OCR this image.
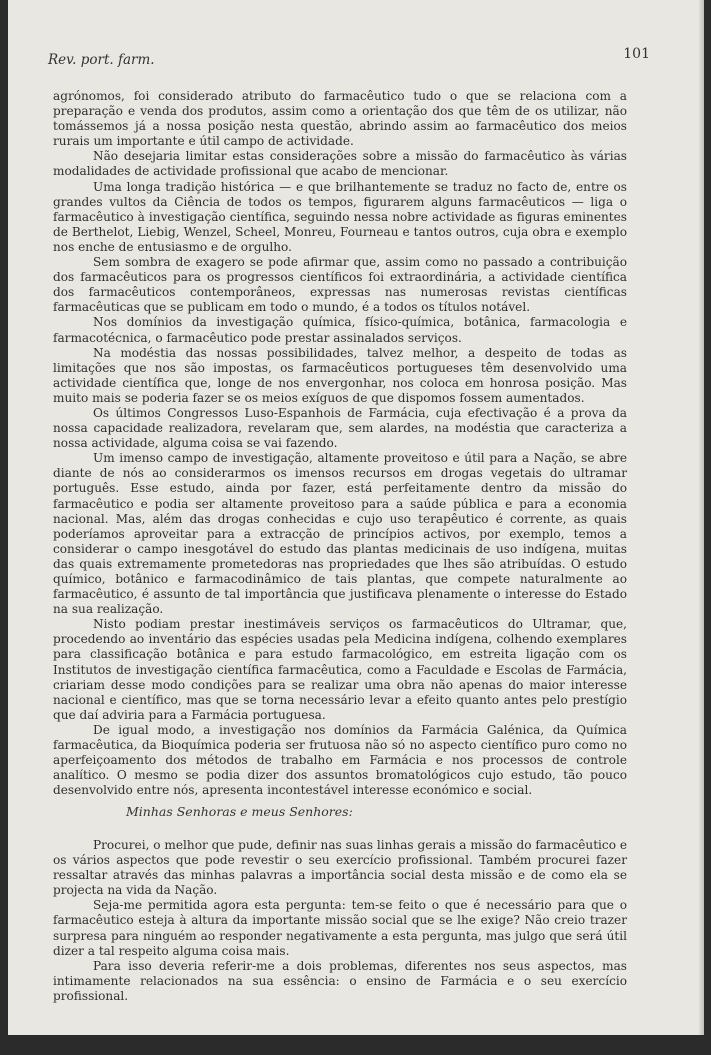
Rev. port. farm.	101

agrónomos, foi considerado atributo do farmacêutico tudo o que se relaciona com a preparação e venda dos produtos, assim como a orientação dos que têm de os utilizar, não tomássemos já a nossa posição nesta questão, abrindo assim ao farmacêutico dos meios rurais um importante e útil campo de actividade.

Não desejaria limitar estas considerações sobre a missão do farmacêutico às várias modalidades de actividade profissional que acabo de mencionar.

Uma longa tradição histórica — e que brilhantemente se traduz no facto de, entre os grandes vultos da Ciência de todos os tempos, figurarem alguns farmacêuticos — liga o farmacêutico à investigação científica, seguindo nessa nobre actividade as figuras eminentes de Berthelot, Liebig, Wenzel, Scheel, Monreu, Fourneau e tantos outros, cuja obra e exemplo nos enche de entusiasmo e de orgulho.

Sem sombra de exagero se pode afirmar que, assim como no passado a contribuição dos farmacêuticos para os progressos científicos foi extraordinária, a actividade científica dos farmacêuticos contemporâneos, expressas nas numerosas revistas científicas farmacêuticas que se publicam em todo o mundo, é a todos os títulos notável.

Nos domínios da investigação química, físico-química, botânica, farmacologia e farmacotécnica, o farmacêutico pode prestar assinalados serviços.

Na modéstia das nossas possibilidades, talvez melhor, a despeito de todas as limitações que nos são impostas, os farmacêuticos portugueses têm desenvolvido uma actividade científica que, longe de nos envergonhar, nos coloca em honrosa posição. Mas muito mais se poderia fazer se os meios exíguos de que dispomos fossem aumentados.

Os últimos Congressos Luso-Espanhois de Farmácia, cuja efectivação é a prova da nossa capacidade realizadora, revelaram que, sem alardes, na modéstia que caracteriza a nossa actividade, alguma coisa se vai fazendo.

Um imenso campo de investigação, altamente proveitoso e útil para a Nação, se abre diante de nós ao considerarmos os imensos recursos em drogas vegetais do ultramar português. Esse estudo, ainda por fazer, está perfeitamente dentro da missão do farmacêutico e podia ser altamente proveitoso para a saúde pública e para a economia nacional. Mas, além das drogas conhecidas e cujo uso terapêutico é corrente, as quais poderíamos aproveitar para a extracção de princípios activos, por exemplo, temos a considerar o campo inesgotável do estudo das plantas medicinais de uso indígena, muitas das quais extremamente prometedoras nas propriedades que lhes são atribuídas. O estudo químico, botânico e farmacodinâmico de tais plantas, que compete naturalmente ao farmacêutico, é assunto de tal importância que justificava plenamente o interesse do Estado na sua realização.

Nisto podiam prestar inestimáveis serviços os farmacêuticos do Ultramar, que, procedendo ao inventário das espécies usadas pela Medicina indígena, colhendo exemplares para classificação botânica e para estudo farmacológico, em estreita ligação com os Institutos de investigação científica farmacêutica, como a Faculdade e Escolas de Farmácia, criariam desse modo condições para se realizar uma obra não apenas do maior interesse nacional e científico, mas que se torna necessário levar a efeito quanto antes pelo prestígio que daí adviria para a Farmácia portuguesa.

De igual modo, a investigação nos domínios da Farmácia Galénica, da Química farmacêutica, da Bioquímica poderia ser frutuosa não só no aspecto científico puro como no aperfeiçoamento dos métodos de trabalho em Farmácia e nos processos de controle analítico. O mesmo se podia dizer dos assuntos bromatológicos cujo estudo, tão pouco desenvolvido entre nós, apresenta incontestável interesse económico e social.

Minhas Senhoras e meus Senhores:

Procurei, o melhor que pude, definir nas suas linhas gerais a missão do farmacêutico e os vários aspectos que pode revestir o seu exercício profissional. Também procurei fazer ressaltar através das minhas palavras a importância social desta missão e de como ela se projecta na vida da Nação.

Seja-me permitida agora esta pergunta: tem-se feito o que é necessário para que o farmacêutico esteja à altura da importante missão social que se lhe exige? Não creio trazer surpresa para ninguém ao responder negativamente a esta pergunta, mas julgo que será útil dizer a tal respeito alguma coisa mais.

Para isso deveria referir-me a dois problemas, diferentes nos seus aspectos, mas intimamente relacionados na sua essência: o ensino de Farmácia e o seu exercício profissional.
